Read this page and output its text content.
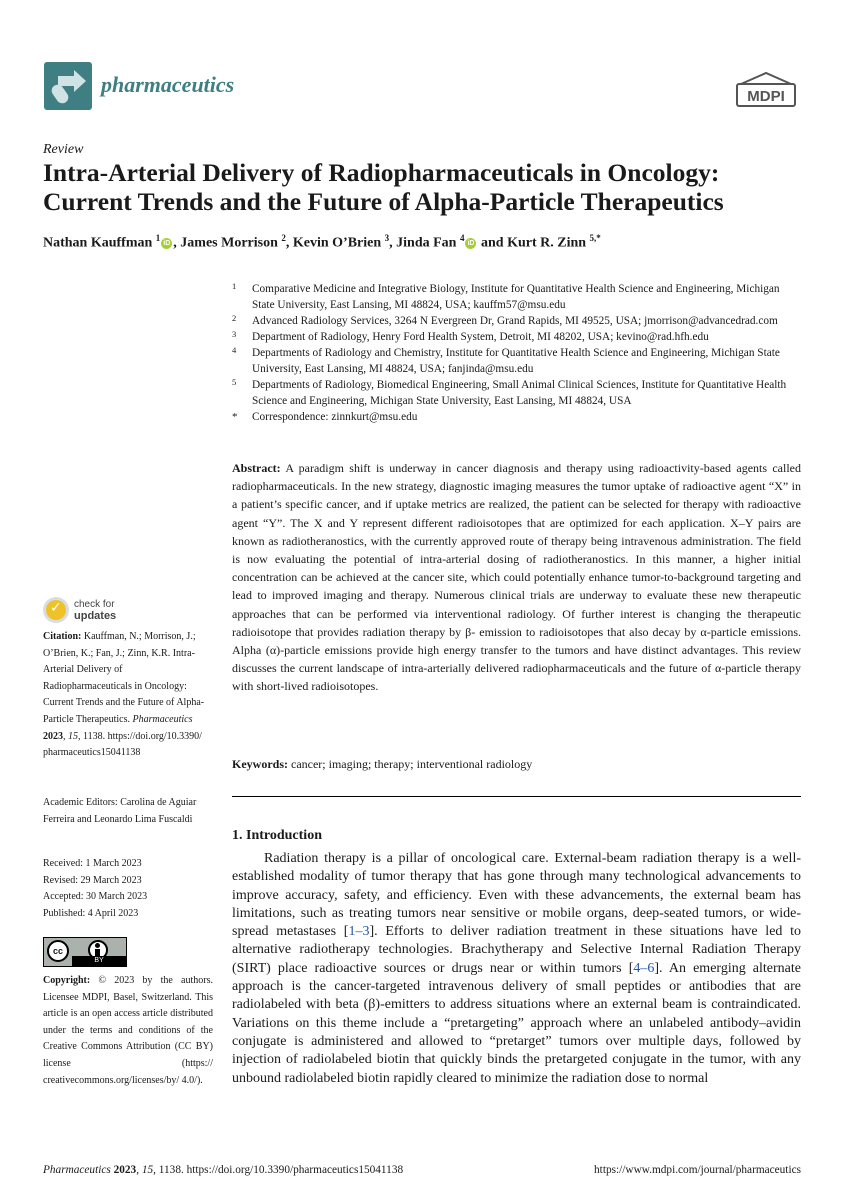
pharmaceutics	MDPI
Review
Intra-Arterial Delivery of Radiopharmaceuticals in Oncology: Current Trends and the Future of Alpha-Particle Therapeutics
Nathan Kauffman $^1$iD , James Morrison $^2$, Kevin O’Brien $^3$, Jinda Fan $^4$iD and Kurt R. Zinn $^{5,*}$
1 Comparative Medicine and Integrative Biology, Institute for Quantitative Health Science and Engineering, Michigan State University, East Lansing, MI 48824, USA; kauffm57@msu.edu
2 Advanced Radiology Services, 3264 N Evergreen Dr, Grand Rapids, MI 49525, USA; jmorrison@advancedrad.com
3 Department of Radiology, Henry Ford Health System, Detroit, MI 48202, USA; kevino@rad.hfh.edu
4 Departments of Radiology and Chemistry, Institute for Quantitative Health Science and Engineering, Michigan State University, East Lansing, MI 48824, USA; fanjinda@msu.edu
5 Departments of Radiology, Biomedical Engineering, Small Animal Clinical Sciences, Institute for Quantitative Health Science and Engineering, Michigan State University, East Lansing, MI 48824, USA
* Correspondence: zinnkurt@msu.edu

Abstract: A paradigm shift is underway in cancer diagnosis and therapy using radioactivity-based agents called radiopharmaceuticals. In the new strategy, diagnostic imaging measures the tumor uptake of radioactive agent “X” in a patient’s specific cancer, and if uptake metrics are realized, the patient can be selected for therapy with radioactive agent “Y”. The X and Y represent different radioisotopes that are optimized for each application. X–Y pairs are known as radiotheranostics, with the currently approved route of therapy being intravenous administration. The field is now evaluating the potential of intra-arterial dosing of radiotheranostics. In this manner, a higher initial concentration can be achieved at the cancer site, which could potentially enhance tumor-to-background targeting and lead to improved imaging and therapy. Numerous clinical trials are underway to evaluate these new therapeutic approaches that can be performed via interventional radiology. Of further interest is changing the therapeutic radioisotope that provides radiation therapy by β- emission to radioisotopes that also decay by α-particle emissions. Alpha (α)-particle emissions provide high energy transfer to the tumors and have distinct advantages. This review discusses the current landscape of intra-arterially delivered radiopharmaceuticals and the future of α-particle therapy with short-lived radioisotopes.

Keywords: cancer; imaging; therapy; interventional radiology

1. Introduction

Radiation therapy is a pillar of oncological care. External-beam radiation therapy is a well-established modality of tumor therapy that has gone through many technological advancements to improve accuracy, safety, and efficiency. Even with these advancements, the external beam has limitations, such as treating tumors near sensitive or mobile organs, deep-seated tumors, or wide-spread metastases [1–3]. Efforts to deliver radiation treatment in these situations have led to alternative radiotherapy technologies. Brachytherapy and Selective Internal Radiation Therapy (SIRT) place radioactive sources or drugs near or within tumors [4–6]. An emerging alternate approach is the cancer-targeted intravenous delivery of small peptides or antibodies that are radiolabeled with beta (β)-emitters to address situations where an external beam is contraindicated. Variations on this theme include a “pretargeting” approach where an unlabeled antibody–avidin conjugate is administered and allowed to “pretarget” tumors over multiple days, followed by injection of radiolabeled biotin that quickly binds the pretargeted conjugate in the tumor, with any unbound radiolabeled biotin rapidly cleared to minimize the radiation dose to normal

✓
check for
updates

Citation: Kauffman, N.; Morrison, J.; O’Brien, K.; Fan, J.; Zinn, K.R. Intra-Arterial Delivery of Radiopharmaceuticals in Oncology: Current Trends and the Future of Alpha-Particle Therapeutics. Pharmaceutics 2023, 15, 1138. https://doi.org/10.3390/ pharmaceutics15041138

Academic Editors: Carolina de Aguiar Ferreira and Leonardo Lima Fuscaldi

Received: 1 March 2023
Revised: 29 March 2023
Accepted: 30 March 2023
Published: 4 April 2023
cc
BY

Copyright: © 2023 by the authors. Licensee MDPI, Basel, Switzerland. This article is an open access article distributed under the terms and conditions of the Creative Commons Attribution (CC BY) license (https:// creativecommons.org/licenses/by/ 4.0/).

Pharmaceutics 2023, 15, 1138. https://doi.org/10.3390/pharmaceutics15041138	https://www.mdpi.com/journal/pharmaceutics
